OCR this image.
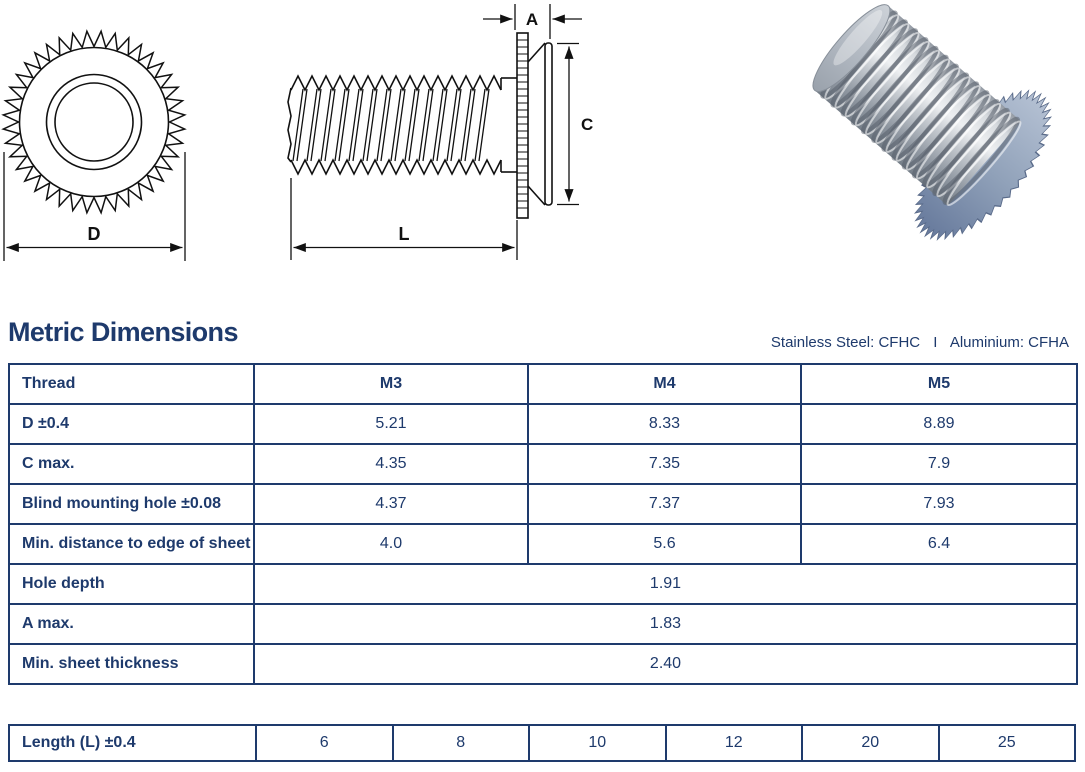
D
A
C
L
Metric Dimensions	Stainless Steel: CFHC I Aluminium: CFHA
Thread	M3	M4	M5
D ±0.4	5.21	8.33	8.89
C max.	4.35	7.35	7.9
Blind mounting hole ±0.08	4.37	7.37	7.93
Min. distance to edge of sheet	4.0	5.6	6.4
Hole depth	1.91		
A max.	1.83		
Min. sheet thickness	2.40		
Length (L) ±0.4	6	8	10	12	20	25
